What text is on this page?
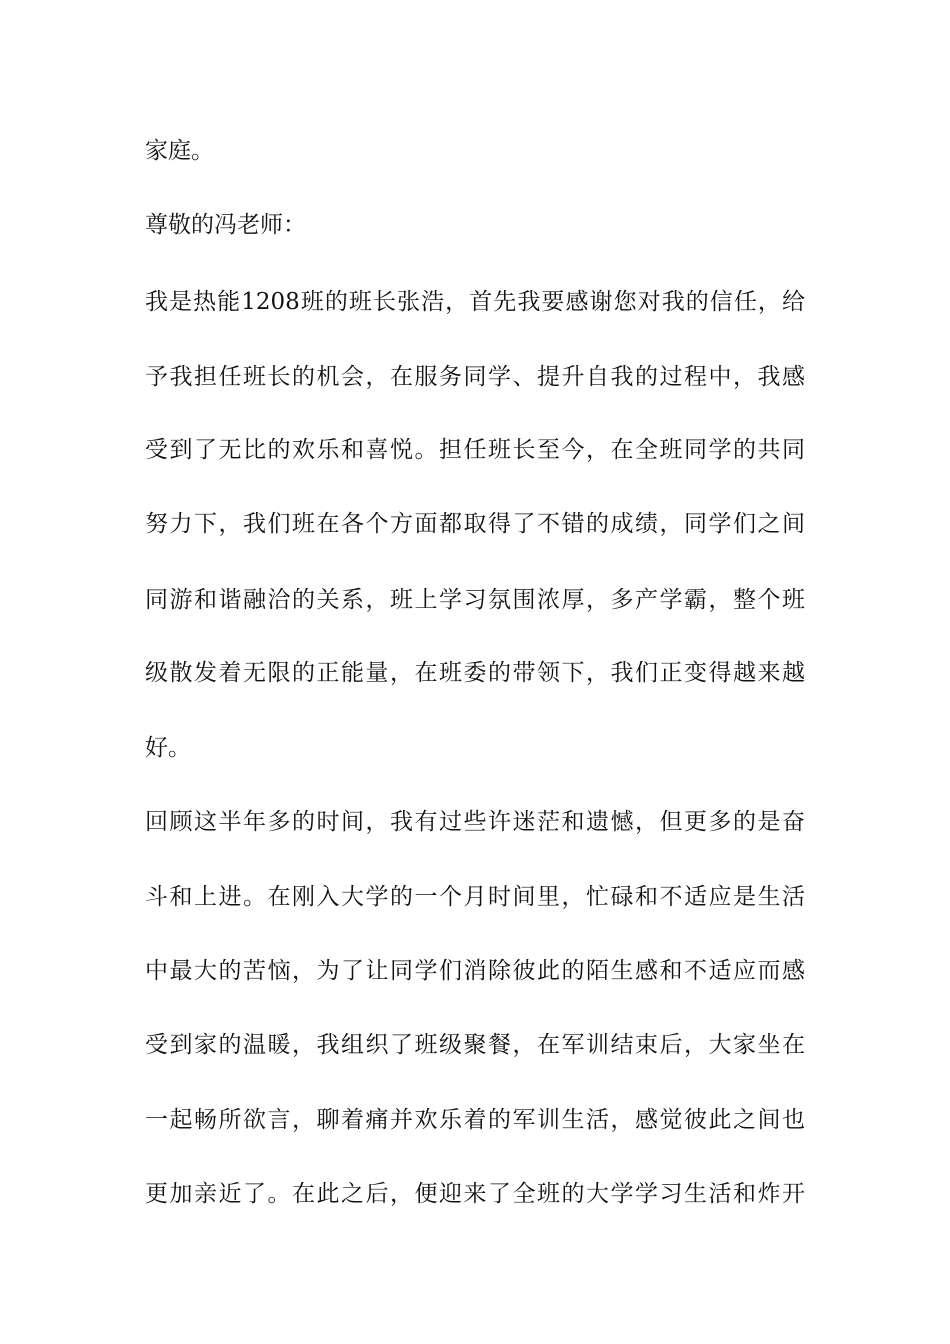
家庭。
尊敬的冯老师：
我是热能1208班的班长张浩，首先我要感谢您对我的信任，给
予我担任班长的机会，在服务同学、提升自我的过程中，我感
受到了无比的欢乐和喜悦。担任班长至今，在全班同学的共同
努力下，我们班在各个方面都取得了不错的成绩，同学们之间
同游和谐融洽的关系，班上学习氛围浓厚，多产学霸，整个班
级散发着无限的正能量，在班委的带领下，我们正变得越来越
好。
回顾这半年多的时间，我有过些许迷茫和遗憾，但更多的是奋
斗和上进。在刚入大学的一个月时间里，忙碌和不适应是生活
中最大的苦恼，为了让同学们消除彼此的陌生感和不适应而感
受到家的温暖，我组织了班级聚餐，在军训结束后，大家坐在
一起畅所欲言，聊着痛并欢乐着的军训生活，感觉彼此之间也
更加亲近了。在此之后，便迎来了全班的大学学习生活和炸开
